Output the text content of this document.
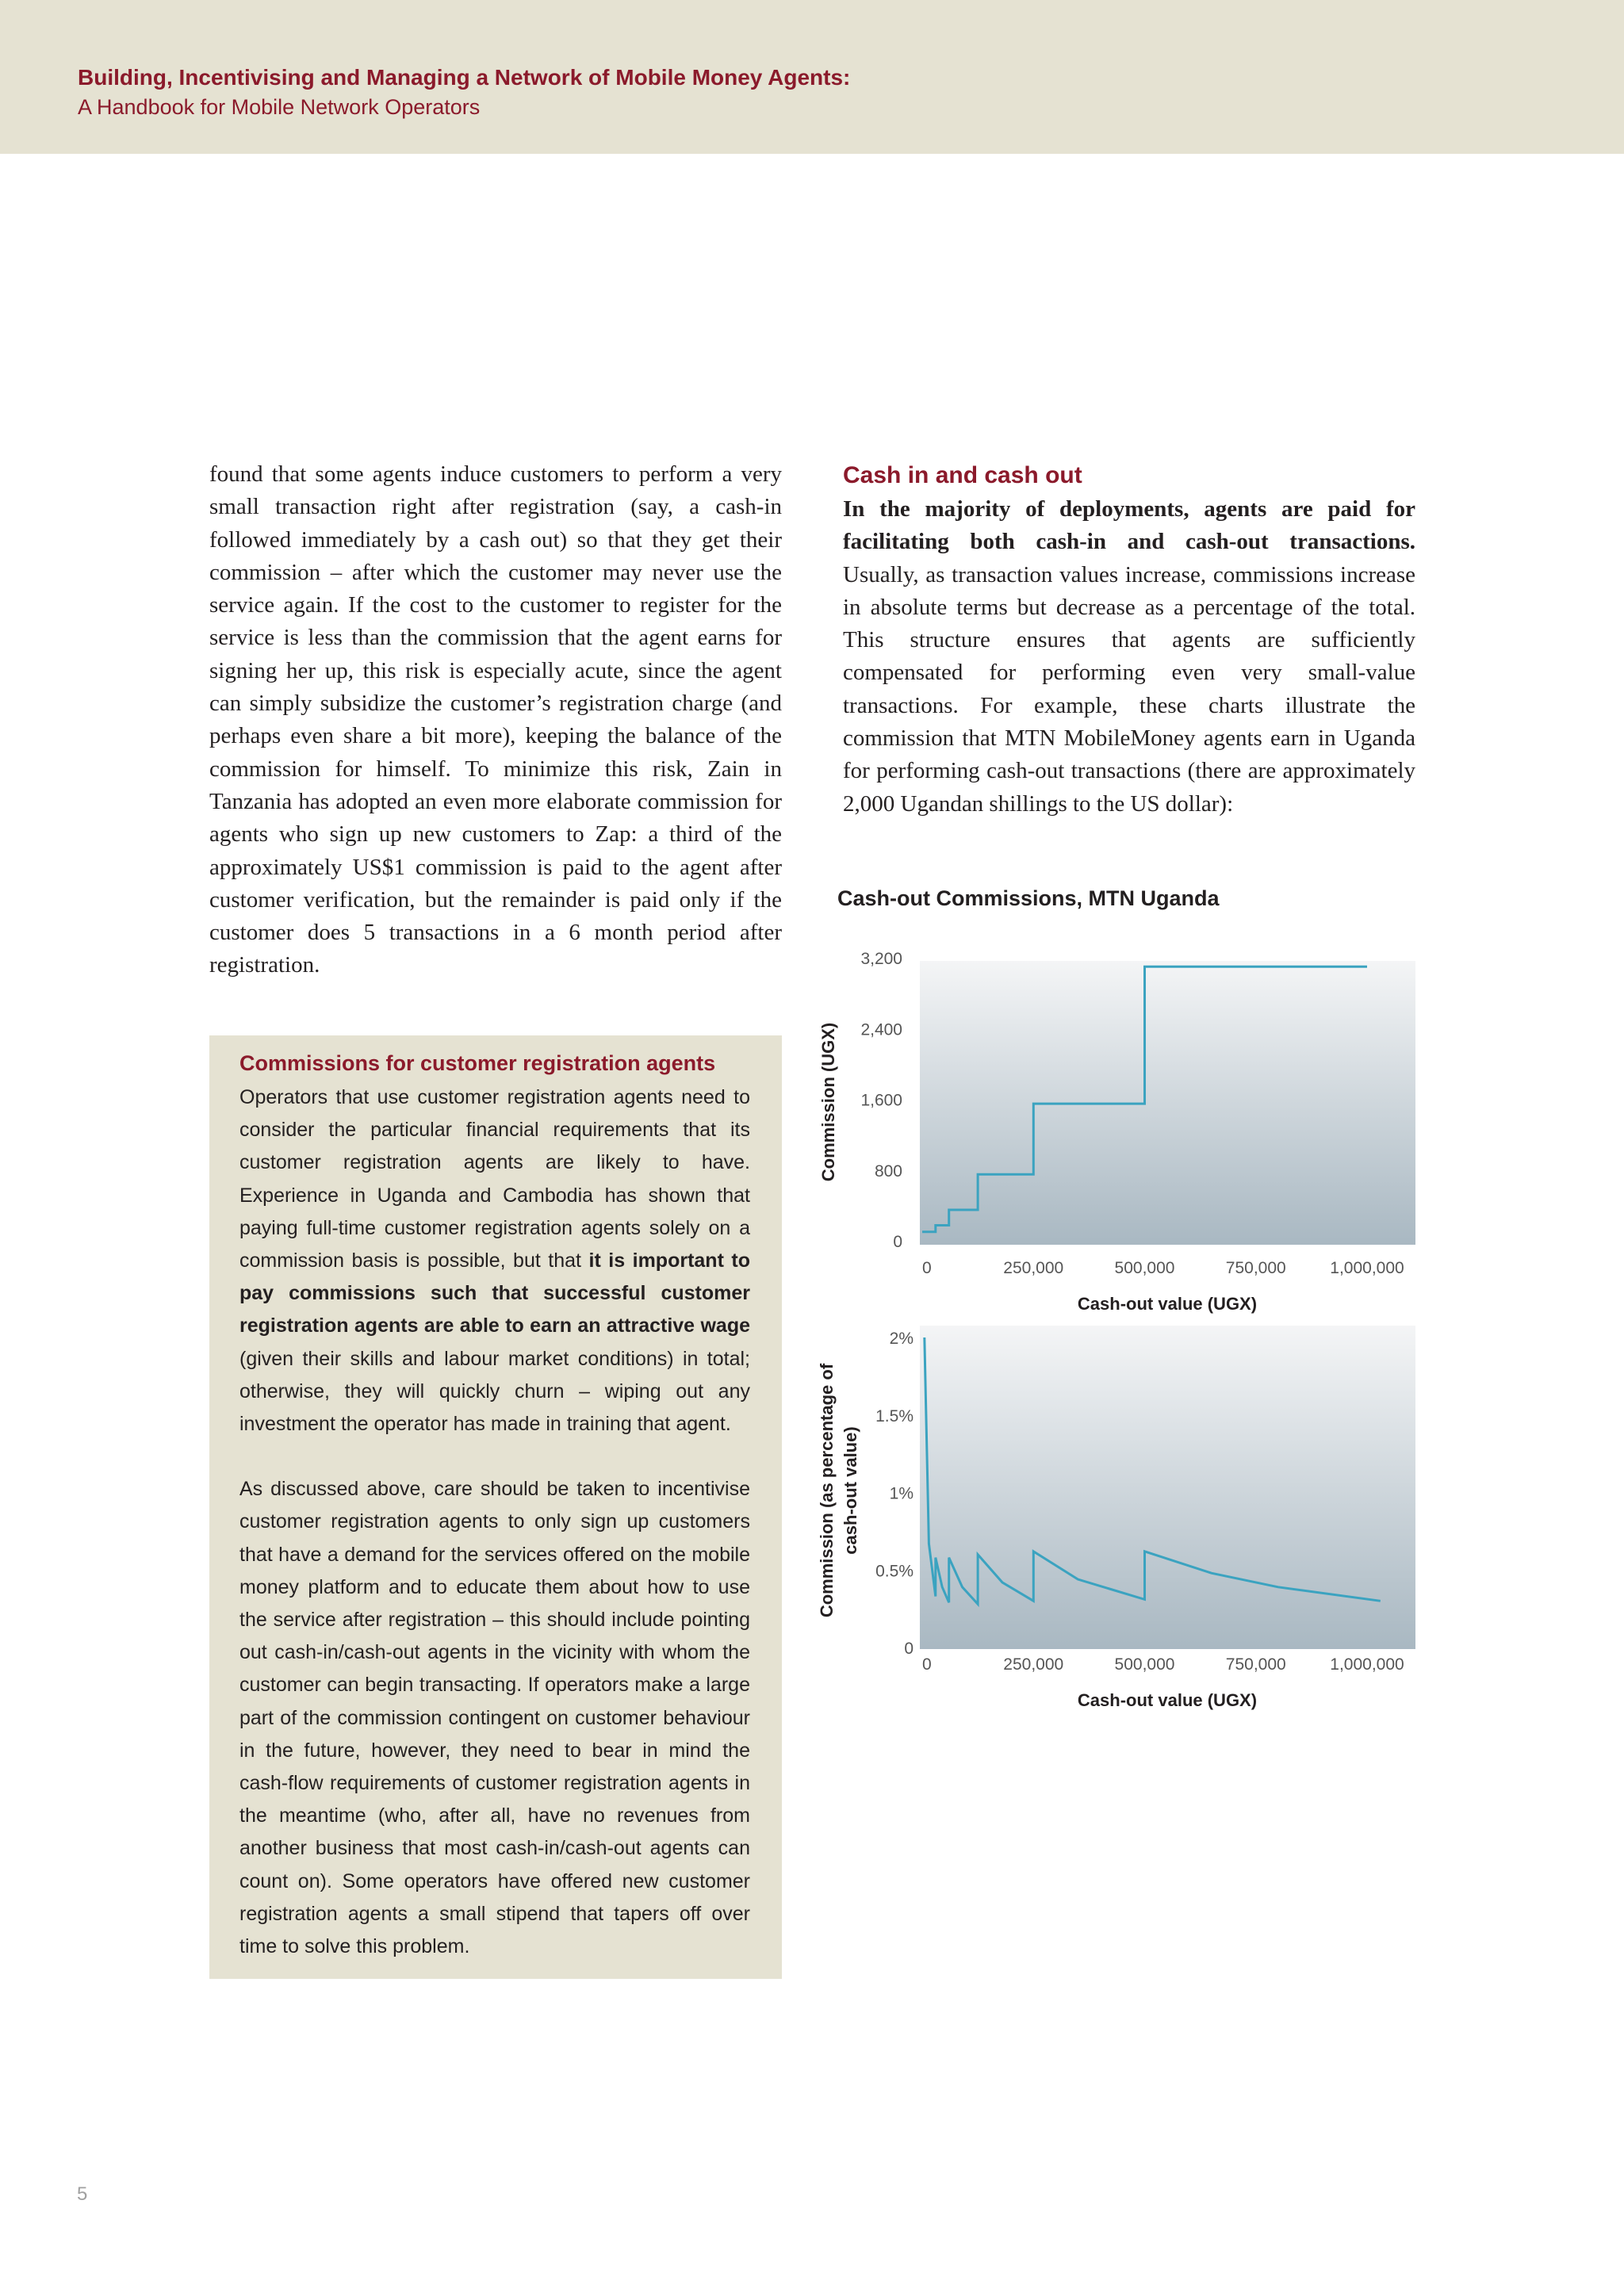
Building, Incentivising and Managing a Network of Mobile Money Agents:
A Handbook for Mobile Network Operators

found that some agents induce customers to perform a very small transaction right after registration (say, a cash-in followed immediately by a cash out) so that they get their commission – after which the customer may never use the service again. If the cost to the customer to register for the service is less than the commission that the agent earns for signing her up, this risk is especially acute, since the agent can simply subsidize the customer’s registration charge (and perhaps even share a bit more), keeping the balance of the commission for himself. To minimize this risk, Zain in Tanzania has adopted an even more elaborate commission for agents who sign up new customers to Zap: a third of the approximately US$1 commission is paid to the agent after customer verification, but the remainder is paid only if the customer does 5 transactions in a 6 month period after registration.

Commissions for customer registration agents

Operators that use customer registration agents need to consider the particular financial requirements that its customer registration agents are likely to have. Experience in Uganda and Cambodia has shown that paying full-time customer registration agents solely on a commission basis is possible, but that it is important to pay commissions such that successful customer registration agents are able to earn an attractive wage (given their skills and labour market conditions) in total; otherwise, they will quickly churn – wiping out any investment the operator has made in training that agent.

As discussed above, care should be taken to incentivise customer registration agents to only sign up customers that have a demand for the services offered on the mobile money platform and to educate them about how to use the service after registration – this should include pointing out cash-in/cash-out agents in the vicinity with whom the customer can begin transacting. If operators make a large part of the commission contingent on customer behaviour in the future, however, they need to bear in mind the cash-flow requirements of customer registration agents in the meantime (who, after all, have no revenues from another business that most cash-in/cash-out agents can count on). Some operators have offered new customer registration agents a small stipend that tapers off over time to solve this problem.

Cash in and cash out

In the majority of deployments, agents are paid for facilitating both cash-in and cash-out transactions. Usually, as transaction values increase, commissions increase in absolute terms but decrease as a percentage of the total. This structure ensures that agents are sufficiently compensated for performing even very small-value transactions. For example, these charts illustrate the commission that MTN MobileMoney agents earn in Uganda for performing cash-out transactions (there are approximately 2,000 Ugandan shillings to the US dollar):

Cash-out Commissions, MTN Uganda
0
800
1,600
2,400
3,200
0	250,000	500,000	750,000	1,000,000
Cash-out value (UGX)
Commission (UGX)
0
0.5%
1%
1.5%
2%
0	250,000	500,000	750,000	1,000,000
Cash-out value (UGX)
Commission (as percentage of cash-out value)
5
